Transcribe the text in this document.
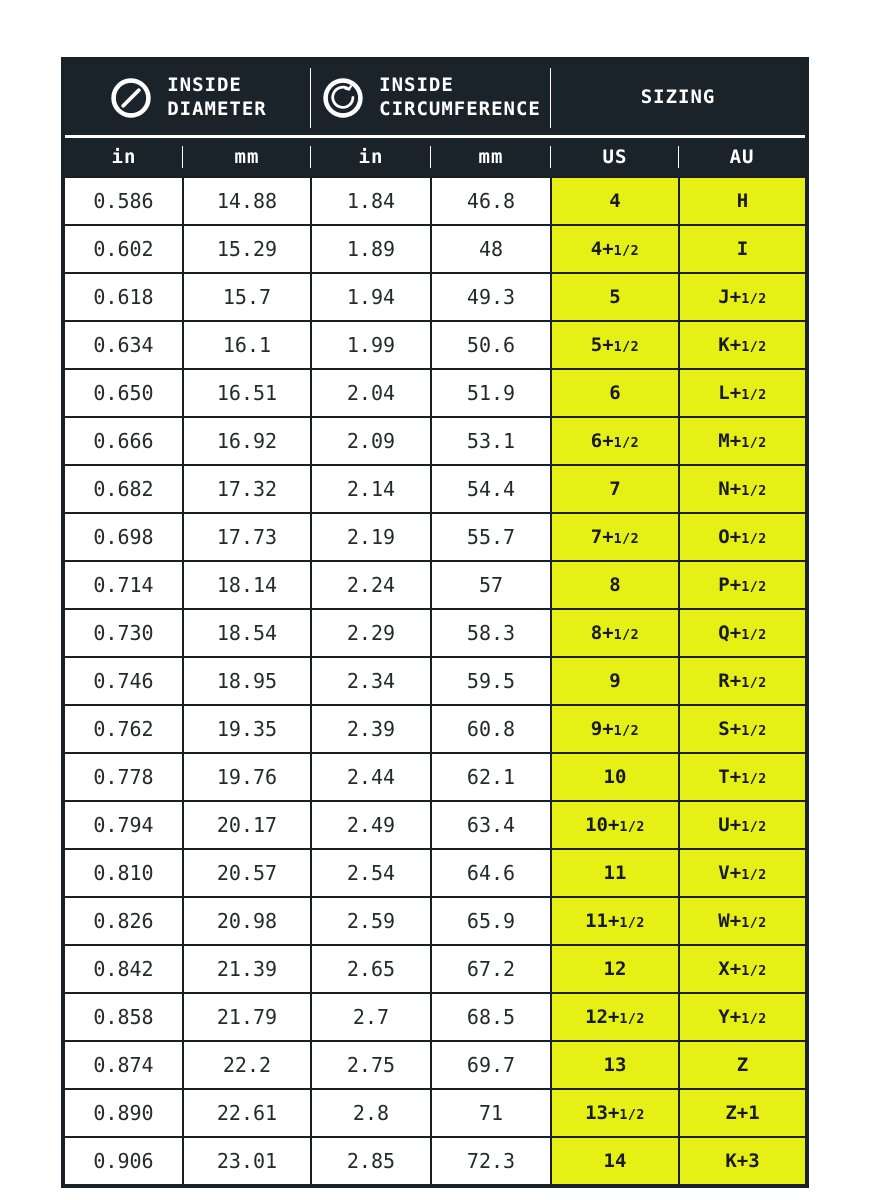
INSIDE DIAMETER		INSIDE CIRCUMFERENCE		SIZING	

in	mm	in	mm	US	AU
0.586	14.88	1.84	46.8	4	H
0.602	15.29	1.89	48	4+1/2	I
0.618	15.7	1.94	49.3	5	J+1/2
0.634	16.1	1.99	50.6	5+1/2	K+1/2
0.650	16.51	2.04	51.9	6	L+1/2
0.666	16.92	2.09	53.1	6+1/2	M+1/2
0.682	17.32	2.14	54.4	7	N+1/2
0.698	17.73	2.19	55.7	7+1/2	O+1/2
0.714	18.14	2.24	57	8	P+1/2
0.730	18.54	2.29	58.3	8+1/2	Q+1/2
0.746	18.95	2.34	59.5	9	R+1/2
0.762	19.35	2.39	60.8	9+1/2	S+1/2
0.778	19.76	2.44	62.1	10	T+1/2
0.794	20.17	2.49	63.4	10+1/2	U+1/2
0.810	20.57	2.54	64.6	11	V+1/2
0.826	20.98	2.59	65.9	11+1/2	W+1/2
0.842	21.39	2.65	67.2	12	X+1/2
0.858	21.79	2.7	68.5	12+1/2	Y+1/2
0.874	22.2	2.75	69.7	13	Z
0.890	22.61	2.8	71	13+1/2	Z+1
0.906	23.01	2.85	72.3	14	K+3
